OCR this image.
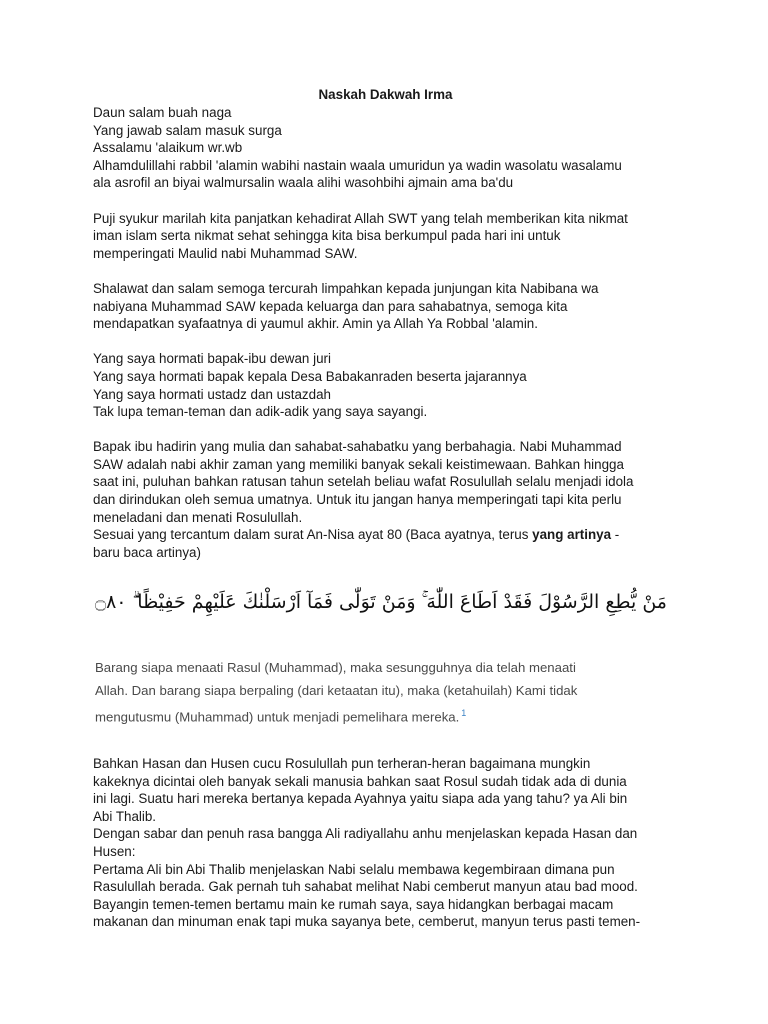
Naskah Dakwah Irma
Daun salam buah naga
Yang jawab salam masuk surga
Assalamu 'alaikum wr.wb
Alhamdulillahi rabbil 'alamin wabihi nastain waala umuridun ya wadin wasolatu wasalamu
ala asrofil an biyai walmursalin waala alihi wasohbihi ajmain ama ba'du
Puji syukur marilah kita panjatkan kehadirat Allah SWT yang telah memberikan kita nikmat
iman islam serta nikmat sehat sehingga kita bisa berkumpul pada hari ini untuk
memperingati Maulid nabi Muhammad SAW.
Shalawat dan salam semoga tercurah limpahkan kepada junjungan kita Nabibana wa
nabiyana Muhammad SAW kepada keluarga dan para sahabatnya, semoga kita
mendapatkan syafaatnya di yaumul akhir. Amin ya Allah Ya Robbal 'alamin.
Yang saya hormati bapak-ibu dewan juri
Yang saya hormati bapak kepala Desa Babakanraden beserta jajarannya
Yang saya hormati ustadz dan ustazdah
Tak lupa teman-teman dan adik-adik yang saya sayangi.
Bapak ibu hadirin yang mulia dan sahabat-sahabatku yang berbahagia. Nabi Muhammad
SAW adalah nabi akhir zaman yang memiliki banyak sekali keistimewaan. Bahkan hingga
saat ini, puluhan bahkan ratusan tahun setelah beliau wafat Rosulullah selalu menjadi idola
dan dirindukan oleh semua umatnya. Untuk itu jangan hanya memperingati tapi kita perlu
meneladani dan menati Rosulullah.
Sesuai yang tercantum dalam surat An-Nisa ayat 80 (Baca ayatnya, terus yang artinya -
baru baca artinya)
مَنْ يُّطِعِ الرَّسُوْلَ فَقَدْ اَطَاعَ اللّٰهَ ۚ وَمَنْ تَوَلّٰى فَمَآ اَرْسَلْنٰكَ عَلَيْهِمْ حَفِيْظًا ۗ ۝٨٠
Barang siapa menaati Rasul (Muhammad), maka sesungguhnya dia telah menaati
Allah. Dan barang siapa berpaling (dari ketaatan itu), maka (ketahuilah) Kami tidak
mengutusmu (Muhammad) untuk menjadi pemelihara mereka. $^1$
Bahkan Hasan dan Husen cucu Rosulullah pun terheran-heran bagaimana mungkin
kakeknya dicintai oleh banyak sekali manusia bahkan saat Rosul sudah tidak ada di dunia
ini lagi. Suatu hari mereka bertanya kepada Ayahnya yaitu siapa ada yang tahu? ya Ali bin
Abi Thalib.
Dengan sabar dan penuh rasa bangga Ali radiyallahu anhu menjelaskan kepada Hasan dan
Husen:
Pertama Ali bin Abi Thalib menjelaskan Nabi selalu membawa kegembiraan dimana pun
Rasulullah berada. Gak pernah tuh sahabat melihat Nabi cemberut manyun atau bad mood.
Bayangin temen-temen bertamu main ke rumah saya, saya hidangkan berbagai macam
makanan dan minuman enak tapi muka sayanya bete, cemberut, manyun terus pasti temen-
